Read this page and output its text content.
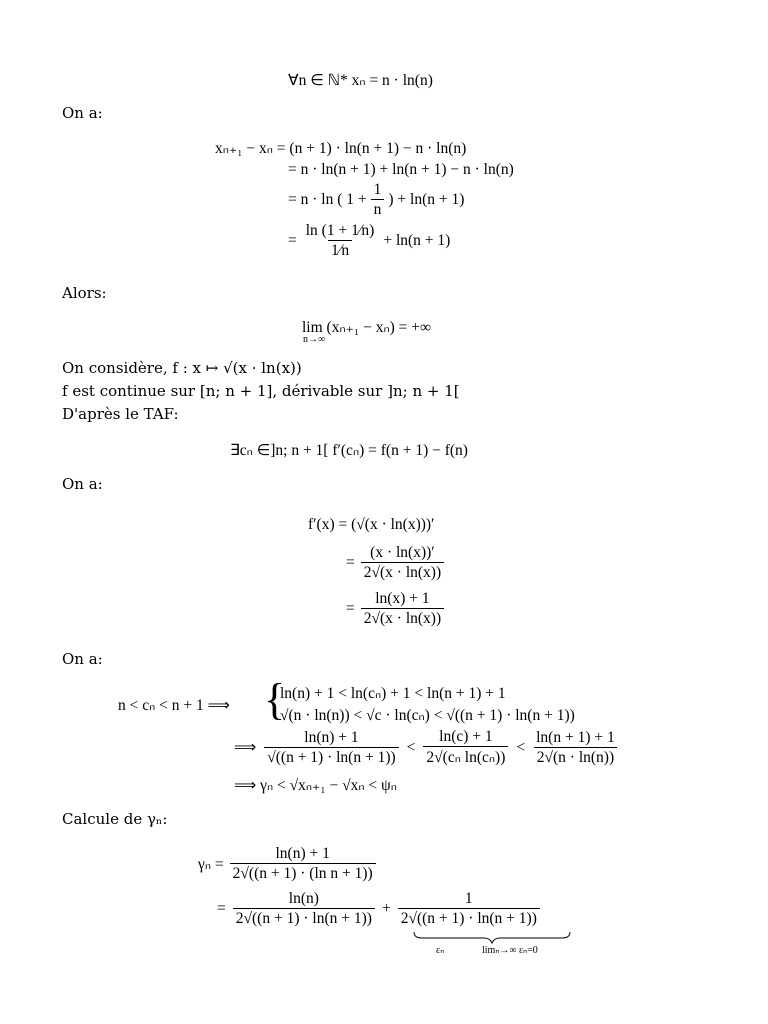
∀n ∈ ℕ* xₙ = n · ln(n)
On a:
xₙ₊₁ − xₙ = (n + 1) · ln(n + 1) − n · ln(n)
= n · ln(n + 1) + ln(n + 1) − n · ln(n)
= n · ln ( $1 + \frac{1}{n}$ ) + ln(n + 1)
= $\frac{\ln (1 + 1⁄n)}{1⁄n} + \ln(n + 1)$
Alors:
lim (xₙ₊₁ − xₙ) = +∞
n→∞
On considère, f : x ↦ √(x · ln(x))
f est continue sur [n; n + 1], dérivable sur ]n; n + 1[
D'après le TAF:
∃cₙ ∈]n; n + 1[ f′(cₙ) = f(n + 1) − f(n)
On a:
f′(x) = (√(x · ln(x)))′
= $\frac{(x \cdot \ln(x))'}{2√(x \cdot \ln(x))}$
= $\frac{\ln(x) + 1}{2√(x \cdot \ln(x))}$
On a:
n < cₙ < n + 1 ⟹ {
ln(n) + 1 < ln(cₙ) + 1 < ln(n + 1) + 1
√(n · ln(n)) < √c · ln(cₙ) < √((n + 1) · ln(n + 1))
⟹ $\frac{\ln(n) + 1}{√((n + 1) \cdot \ln(n + 1))} < \frac{\ln(c) + 1}{\text{2√(cₙ ln(cₙ))}} < \frac{\ln(n + 1) + 1}{2√(n \cdot \ln(n))}$
⟹ γₙ < √xₙ₊₁ − √xₙ < ψₙ
Calcule de γₙ:
$\gamma_n = \frac{\ln(n) + 1}{\text{2√((n + 1) · (ln n + 1))}}$
= $\frac{\ln(n)}{2√((n + 1) \cdot \ln(n + 1))} + \frac{1}{2√((n + 1) \cdot \ln(n + 1))}$
εₙ	limₙ→∞ εₙ=0
